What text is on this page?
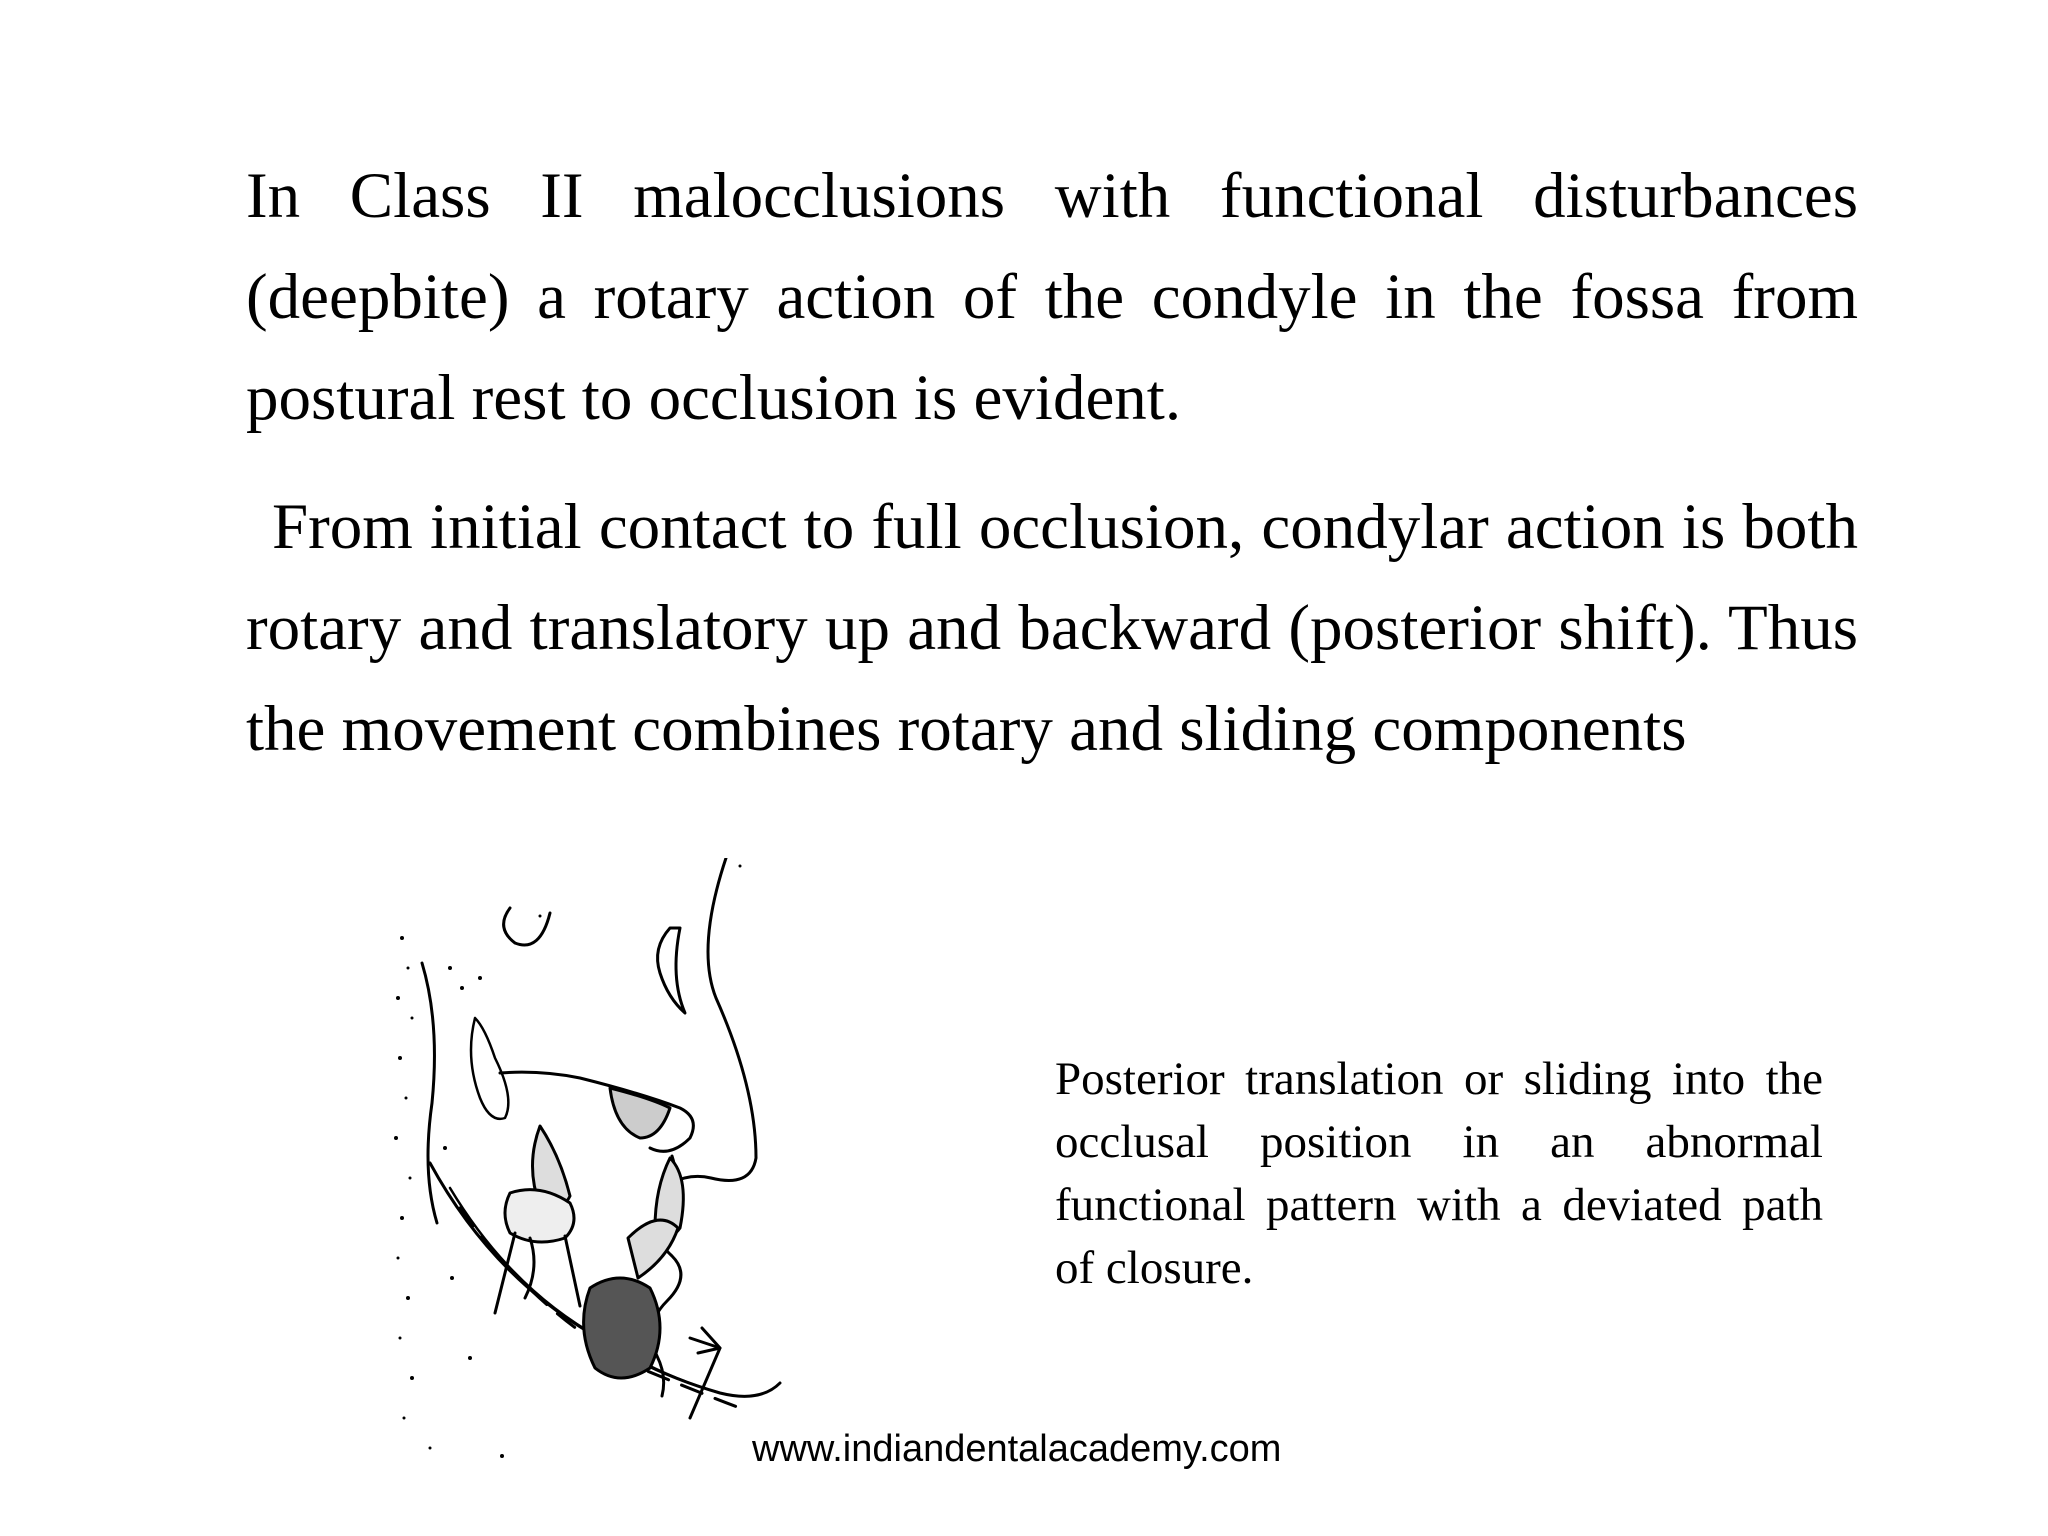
In Class II malocclusions with functional disturbances (deepbite) a rotary action of the condyle in the fossa from postural rest to occlusion is evident.

From initial contact to full occlusion, condylar action is both rotary and translatory up and backward (posterior shift). Thus the movement combines rotary and sliding components

Posterior translation or sliding into the occlusal position in an abnormal functional pattern with a deviated path of closure.

www.indiandentalacademy.com
